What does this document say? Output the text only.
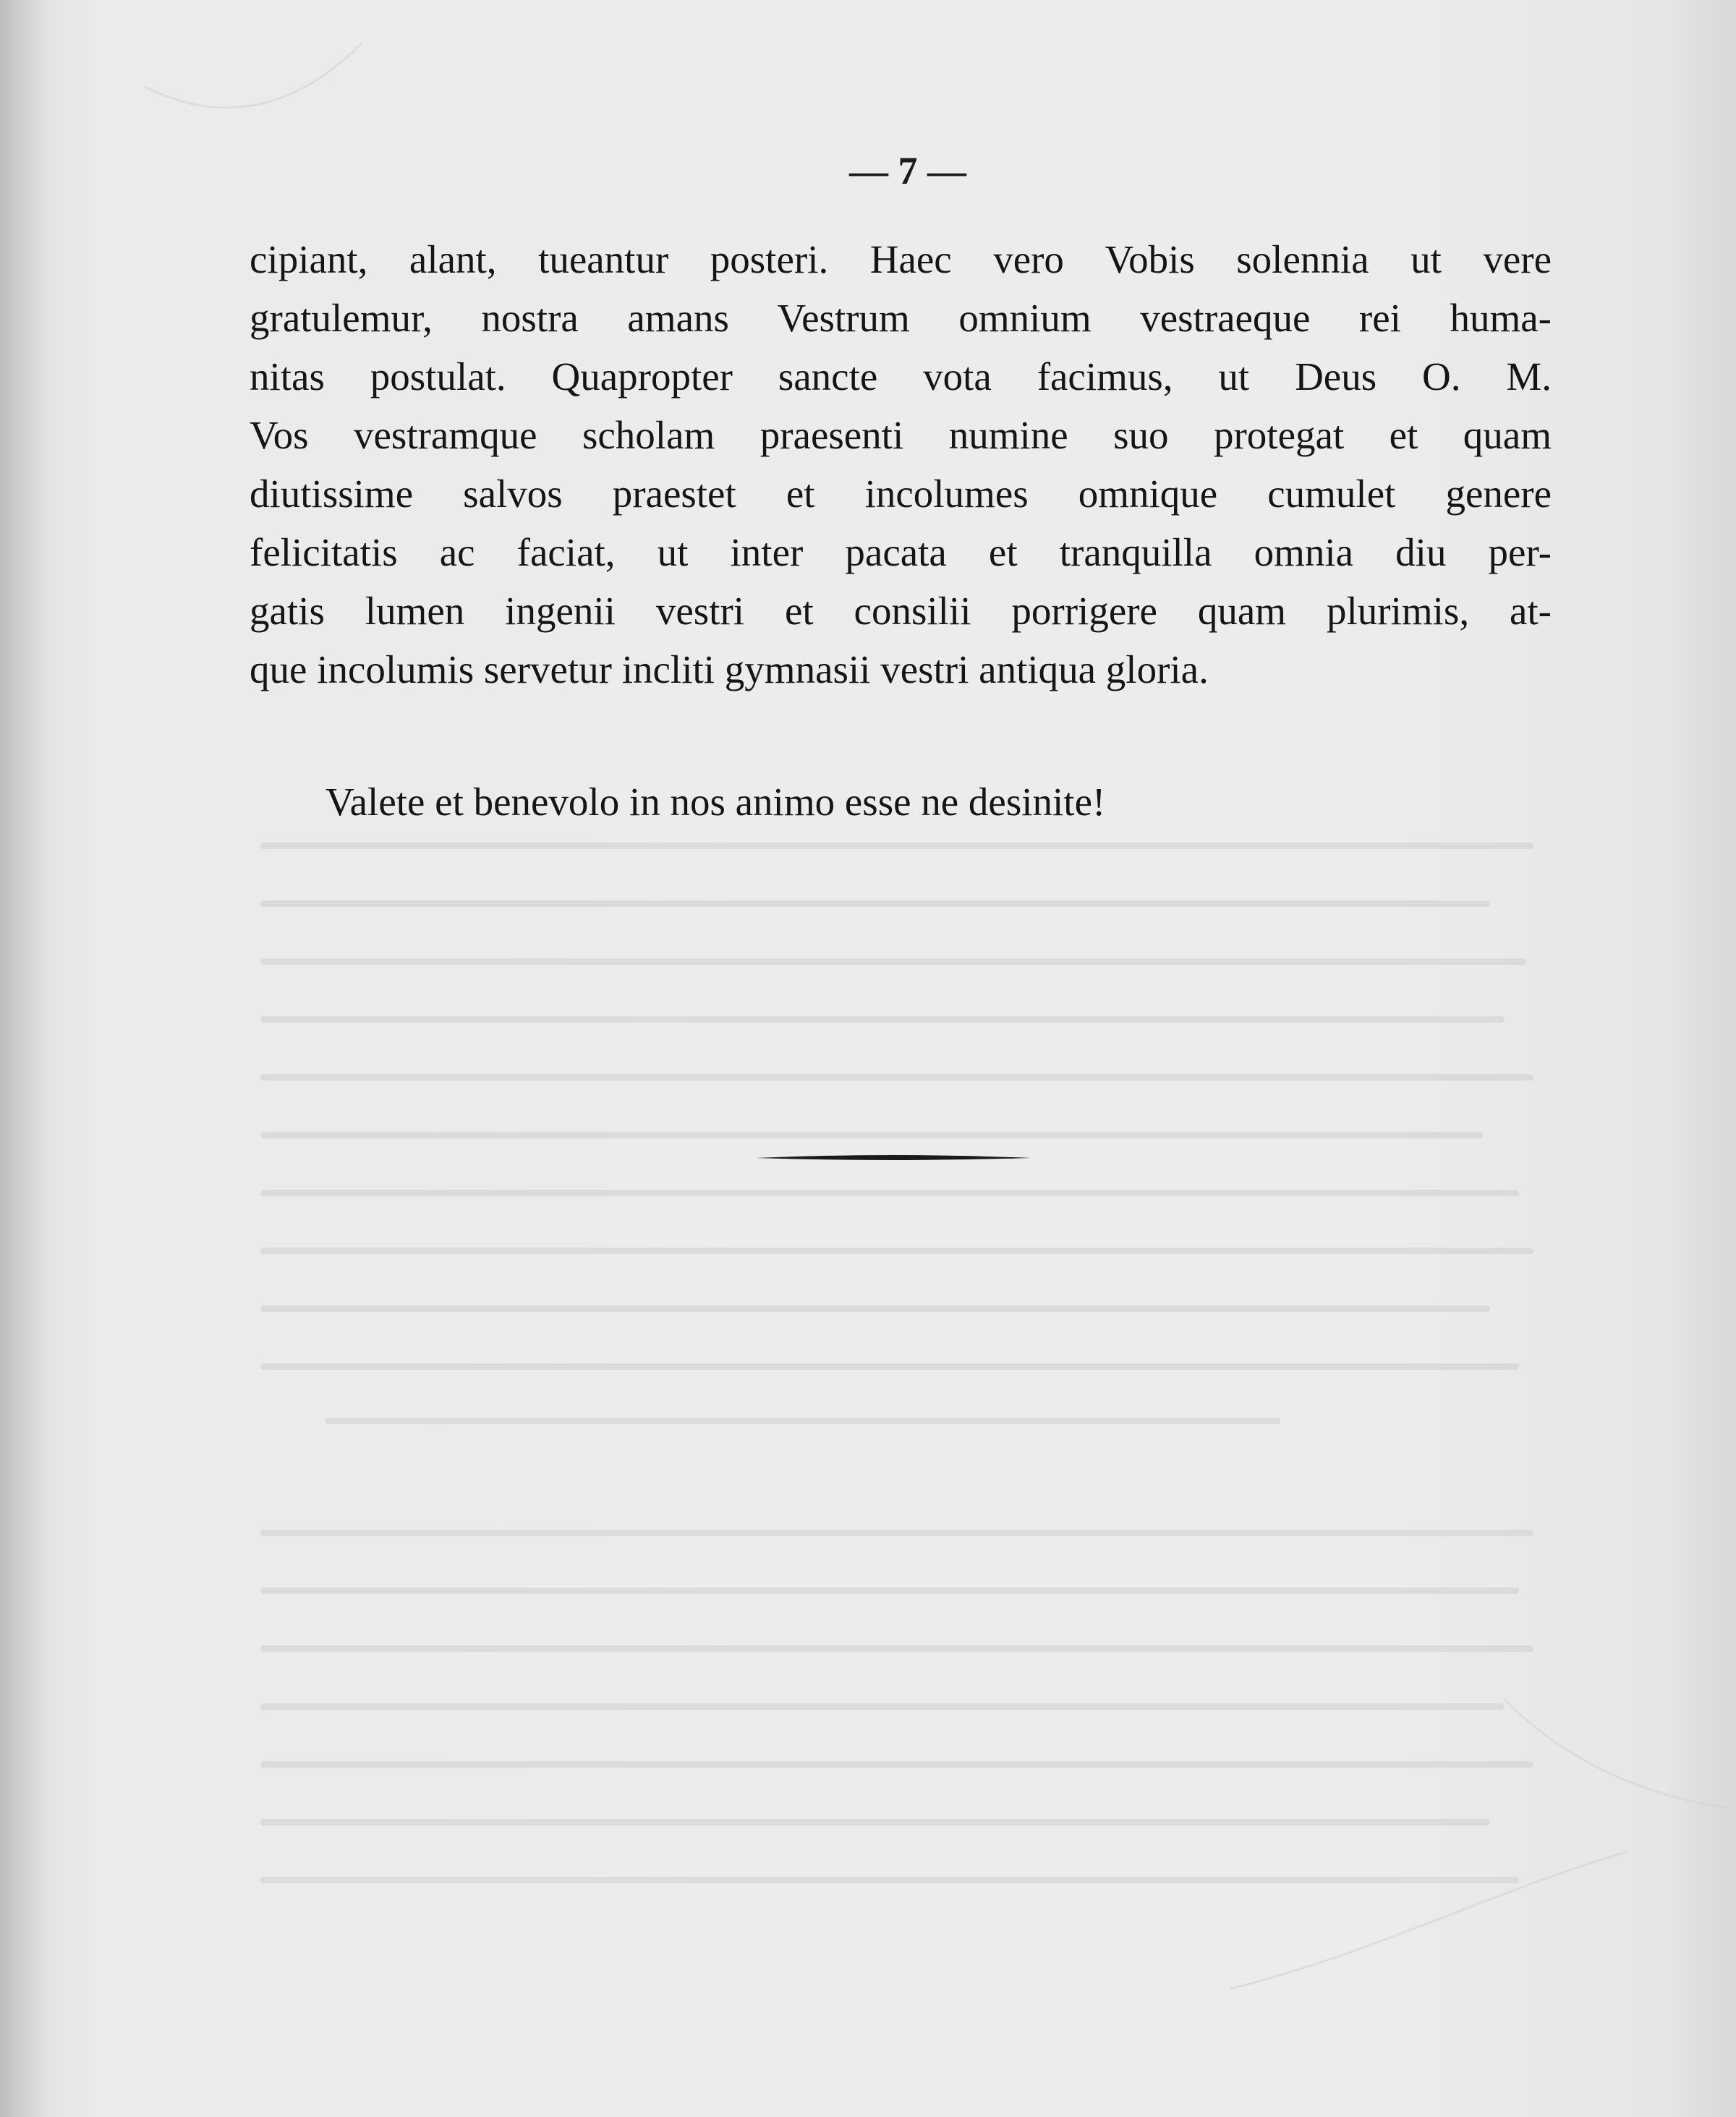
— 7 —
cipiant, alant, tueantur posteri. Haec vero Vobis solennia ut vere
gratulemur, nostra amans Vestrum omnium vestraeque rei huma-
nitas postulat. Quapropter sancte vota facimus, ut Deus O. M.
Vos vestramque scholam praesenti numine suo protegat et quam
diutissime salvos praestet et incolumes omnique cumulet genere
felicitatis ac faciat, ut inter pacata et tranquilla omnia diu per-
gatis lumen ingenii vestri et consilii porrigere quam plurimis, at-
que incolumis servetur incliti gymnasii vestri antiqua gloria.
Valete et benevolo in nos animo esse ne desinite!
